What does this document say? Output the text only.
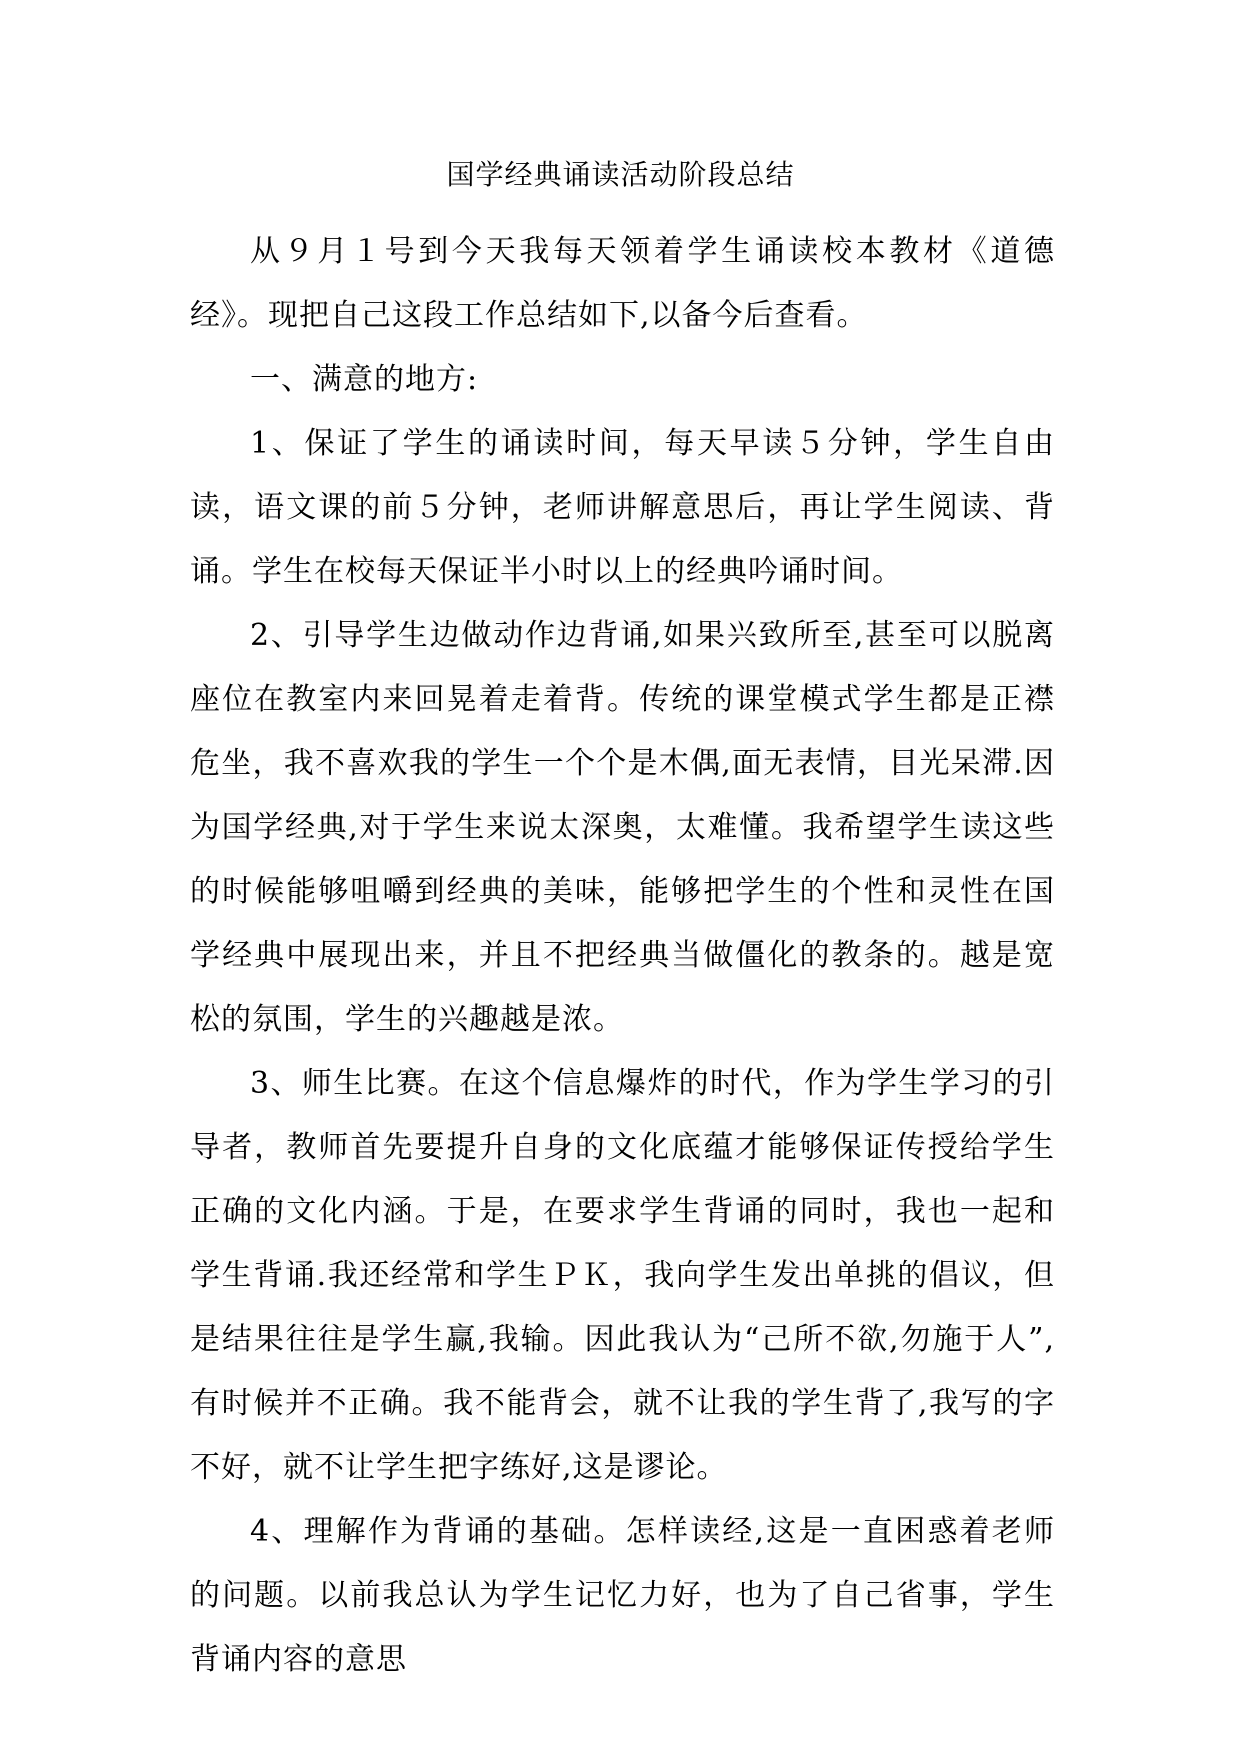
国学经典诵读活动阶段总结

从９月１号到今天我每天领着学生诵读校本教材《道德经》。现把自己这段工作总结如下,以备今后查看。

一、满意的地方:

1、保证了学生的诵读时间，每天早读５分钟，学生自由读，语文课的前５分钟，老师讲解意思后，再让学生阅读、背诵。学生在校每天保证半小时以上的经典吟诵时间。

2、引导学生边做动作边背诵,如果兴致所至,甚至可以脱离座位在教室内来回晃着走着背。传统的课堂模式学生都是正襟危坐，我不喜欢我的学生一个个是木偶,面无表情，目光呆滞.因为国学经典,对于学生来说太深奥，太难懂。我希望学生读这些的时候能够咀嚼到经典的美味，能够把学生的个性和灵性在国学经典中展现出来，并且不把经典当做僵化的教条的。越是宽松的氛围，学生的兴趣越是浓。

3、师生比赛。在这个信息爆炸的时代，作为学生学习的引导者，教师首先要提升自身的文化底蕴才能够保证传授给学生正确的文化内涵。于是，在要求学生背诵的同时，我也一起和学生背诵.我还经常和学生ＰＫ，我向学生发出单挑的倡议，但是结果往往是学生赢,我输。因此我认为“己所不欲,勿施于人”,有时候并不正确。我不能背会，就不让我的学生背了,我写的字不好，就不让学生把字练好,这是谬论。

4、理解作为背诵的基础。怎样读经,这是一直困惑着老师的问题。以前我总认为学生记忆力好，也为了自己省事，学生背诵内容的意思
